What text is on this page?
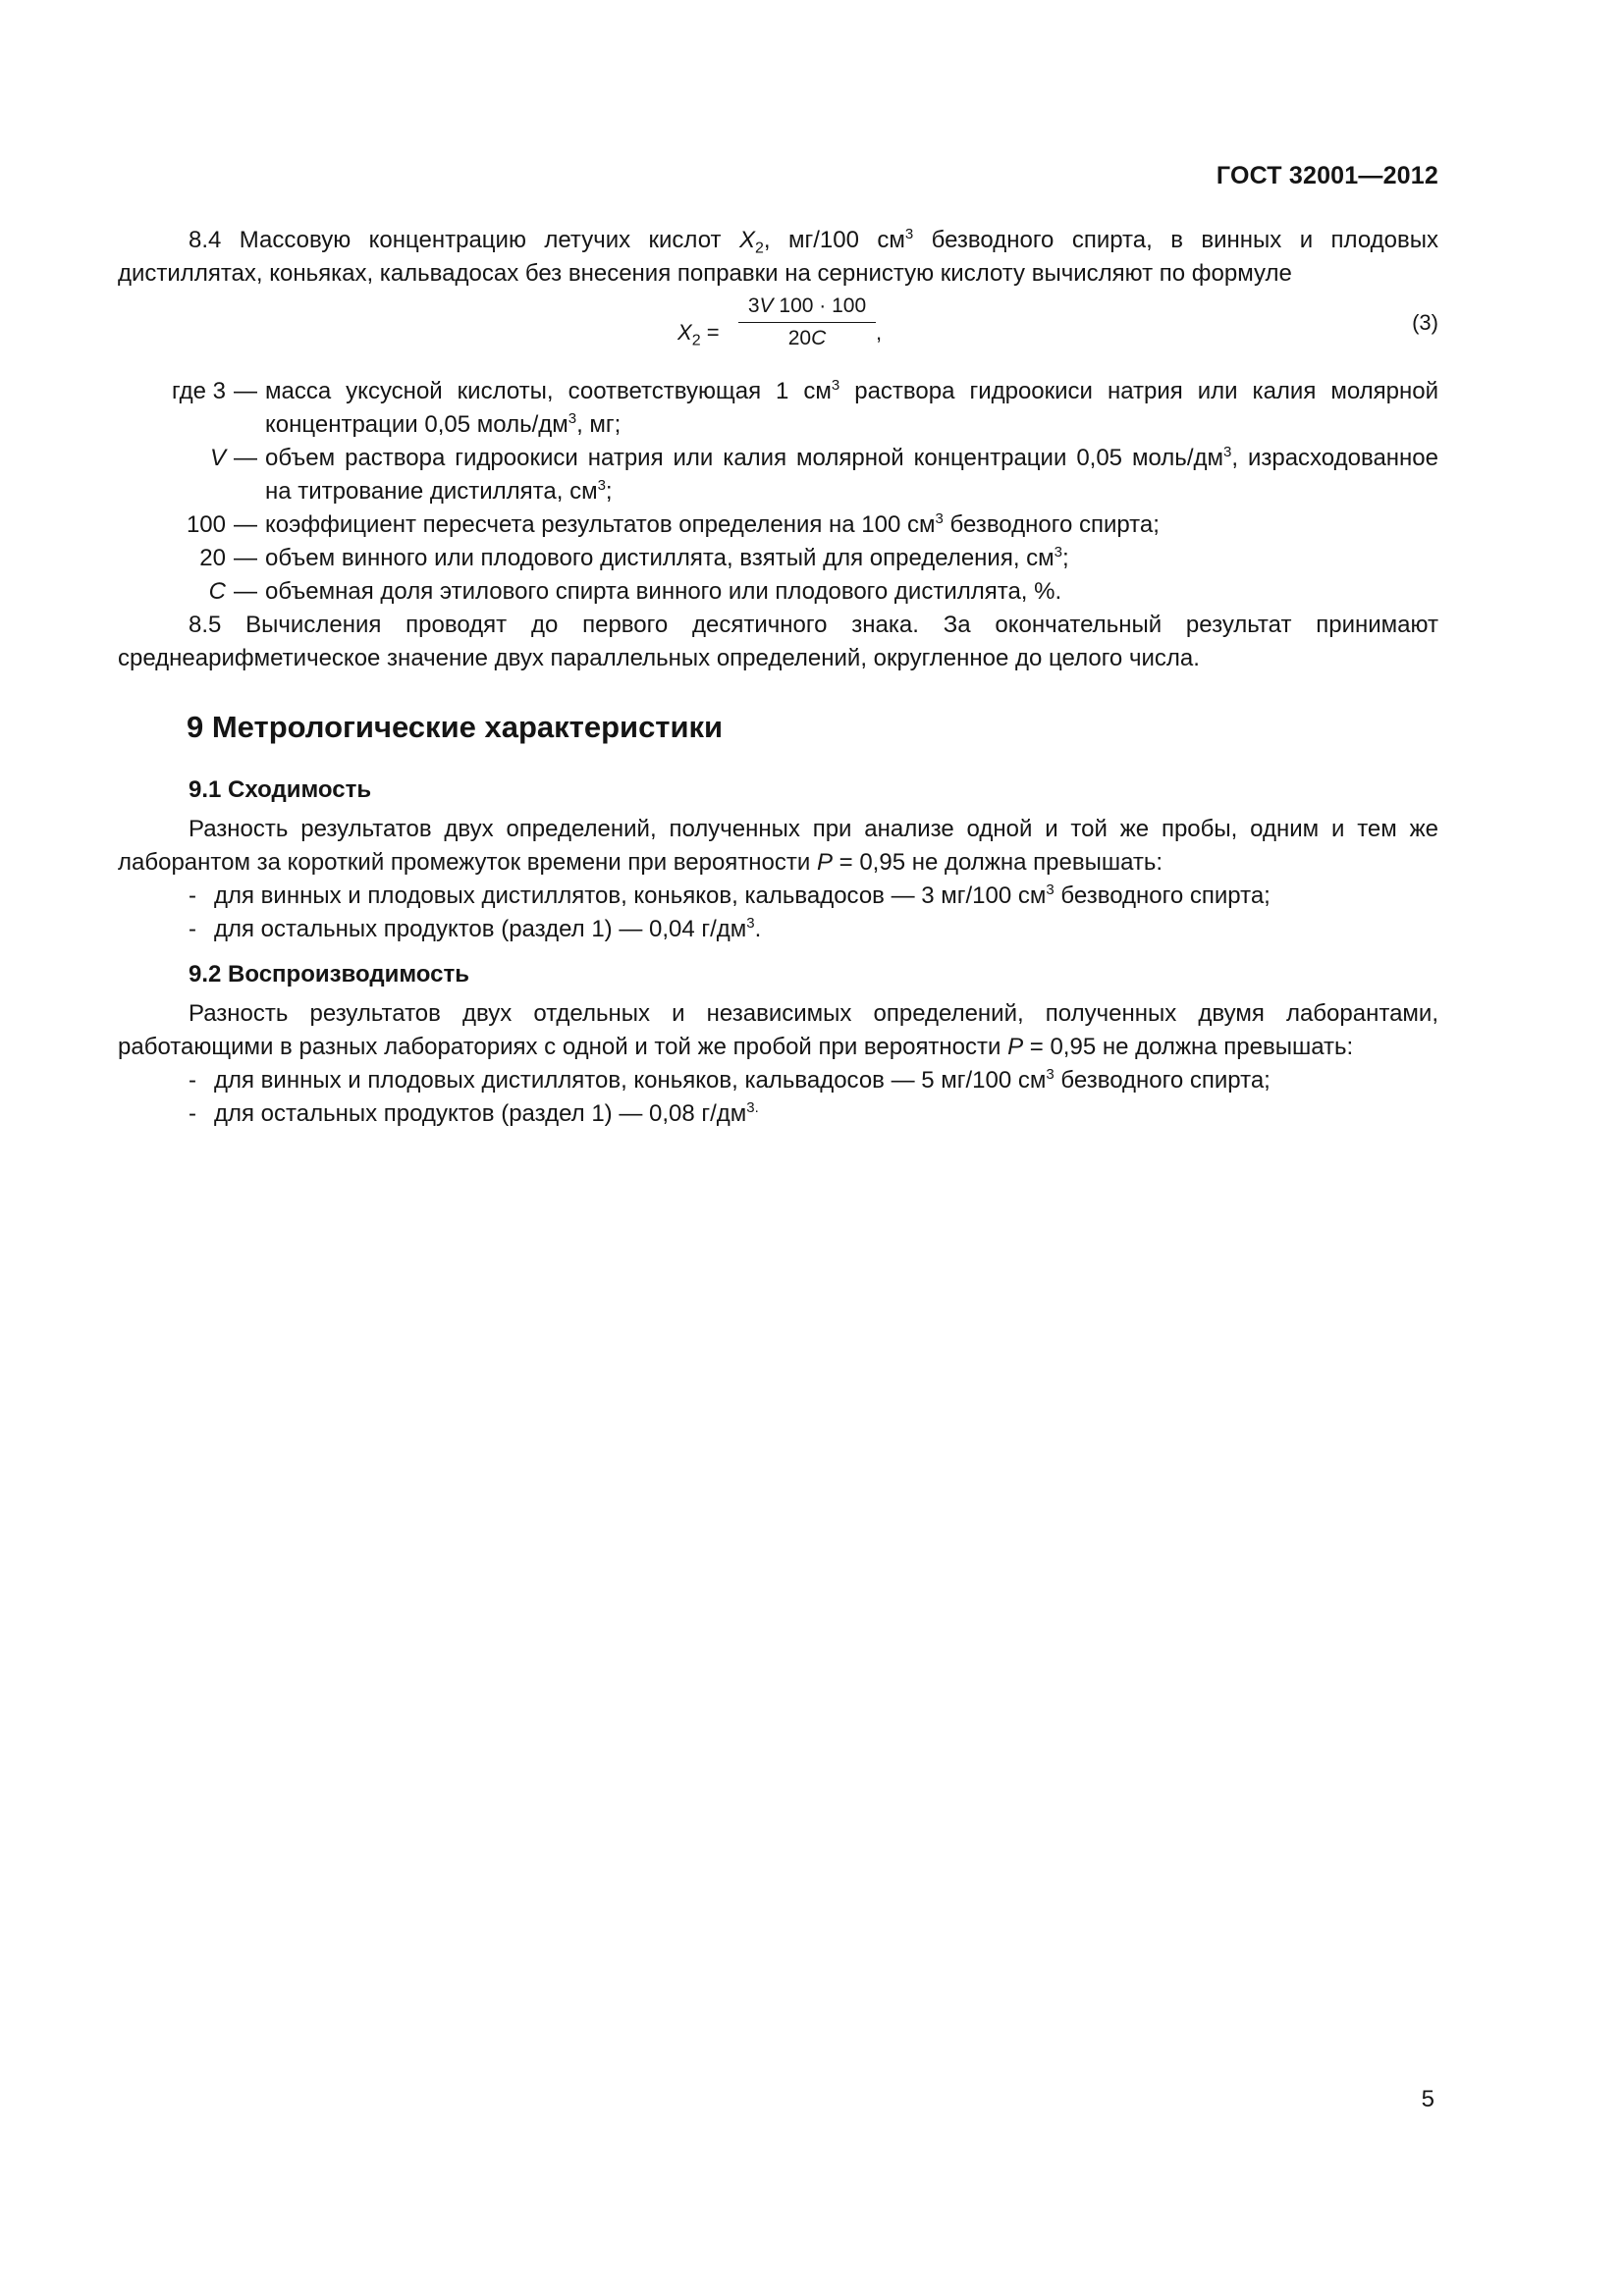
ГОСТ 32001—2012

8.4 Массовую концентрацию летучих кислот $X_2$, мг/100 $см^3$ безводного спирта, в винных и плодовых дистиллятах, коньяках, кальвадосах без внесения поправки на сернистую кислоту вычисляют по формуле

$X_2$ =
3V 100 · 100
20C	,	(3)
где 3 — масса уксусной кислоты, соответствующая 1 $см^3$ раствора гидроокиси натрия или калия молярной концентрации 0,05 моль/$дм^3$, мг;
V — объем раствора гидроокиси натрия или калия молярной концентрации 0,05 моль/$дм^3$, израсходованное на титрование дистиллята, $см^3$;
100 — коэффициент пересчета результатов определения на 100 $см^3$ безводного спирта;
20 — объем винного или плодового дистиллята, взятый для определения, $см^3$;
C — объемная доля этилового спирта винного или плодового дистиллята, %.

8.5 Вычисления проводят до первого десятичного знака. За окончательный результат принимают среднеарифметическое значение двух параллельных определений, округленное до целого числа.

9 Метрологические характеристики
9.1 Сходимость

Разность результатов двух определений, полученных при анализе одной и той же пробы, одним и тем же лаборантом за короткий промежуток времени при вероятности P = 0,95 не должна превышать:

- для винных и плодовых дистиллятов, коньяков, кальвадосов — 3 мг/100 $см^3$ безводного спирта;
- для остальных продуктов (раздел 1) — 0,04 $г/дм^3$.
9.2 Воспроизводимость

Разность результатов двух отдельных и независимых определений, полученных двумя лаборантами, работающими в разных лабораториях с одной и той же пробой при вероятности P = 0,95 не должна превышать:

- для винных и плодовых дистиллятов, коньяков, кальвадосов — 5 мг/100 $см^3$ безводного спирта;
- для остальных продуктов (раздел 1) — 0,08 $г/дм^{3.}$
5
